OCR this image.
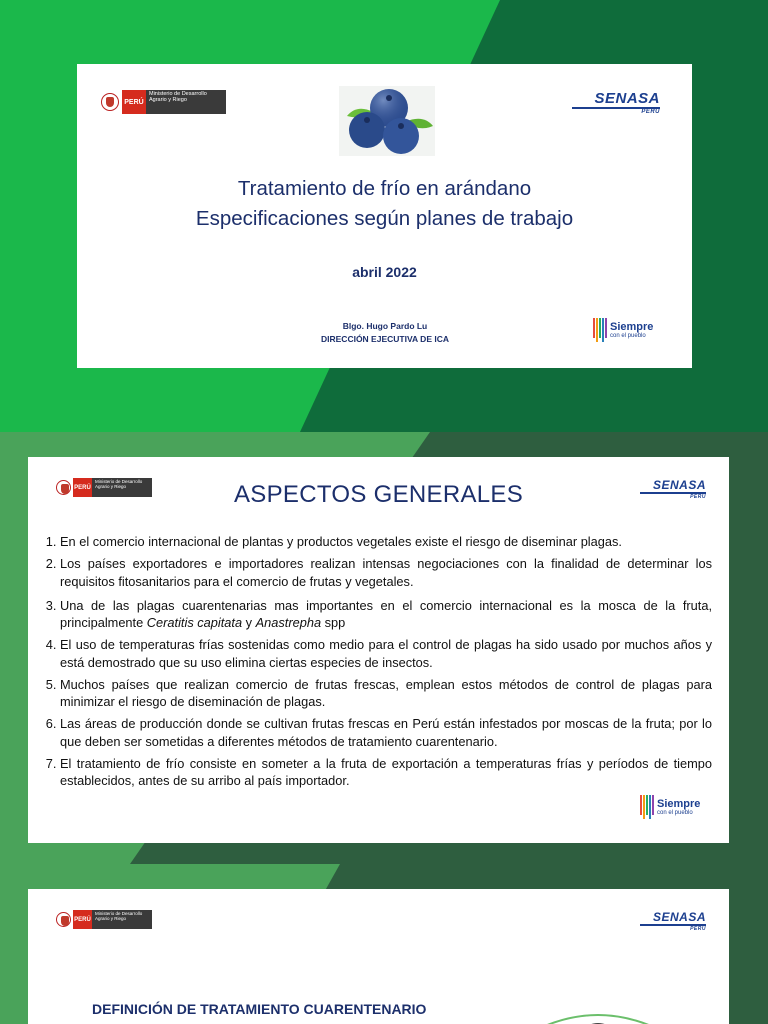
PERÚ
Ministerio de Desarrollo Agrario y Riego	SENASA
PERU
Tratamiento de frío en arándano
Especificaciones según planes de trabajo
abril 2022
Blgo. Hugo Pardo Lu
DIRECCIÓN EJECUTIVA DE ICA
Siempre
con el pueblo
PERÚ
Ministerio de Desarrollo Agrario y Riego	ASPECTOS GENERALES	SENASA
PERU
1. En el comercio internacional de plantas y productos vegetales existe el riesgo de diseminar plagas.
2. Los países exportadores e importadores realizan intensas negociaciones con la finalidad de determinar los requisitos fitosanitarios para el comercio de frutas y vegetales.
3. Una de las plagas cuarentenarias mas importantes en el comercio internacional es la mosca de la fruta, principalmente Ceratitis capitata y Anastrepha spp
4. El uso de temperaturas frías sostenidas como medio para el control de plagas ha sido usado por muchos años y está demostrado que su uso elimina ciertas especies de insectos.
5. Muchos países que realizan comercio de frutas frescas, emplean estos métodos de control de plagas para minimizar el riesgo de diseminación de plagas.
6. Las áreas de producción donde se cultivan frutas frescas en Perú están infestados por moscas de la fruta; por lo que deben ser sometidas a diferentes métodos de tratamiento cuarentenario.
7. El tratamiento de frío consiste en someter a la fruta de exportación a temperaturas frías y períodos de tiempo establecidos, antes de su arribo al país importador.
Siempre
con el pueblo
PERÚ
Ministerio de Desarrollo Agrario y Riego	SENASA
PERU
DEFINICIÓN DE TRATAMIENTO CUARENTENARIO
